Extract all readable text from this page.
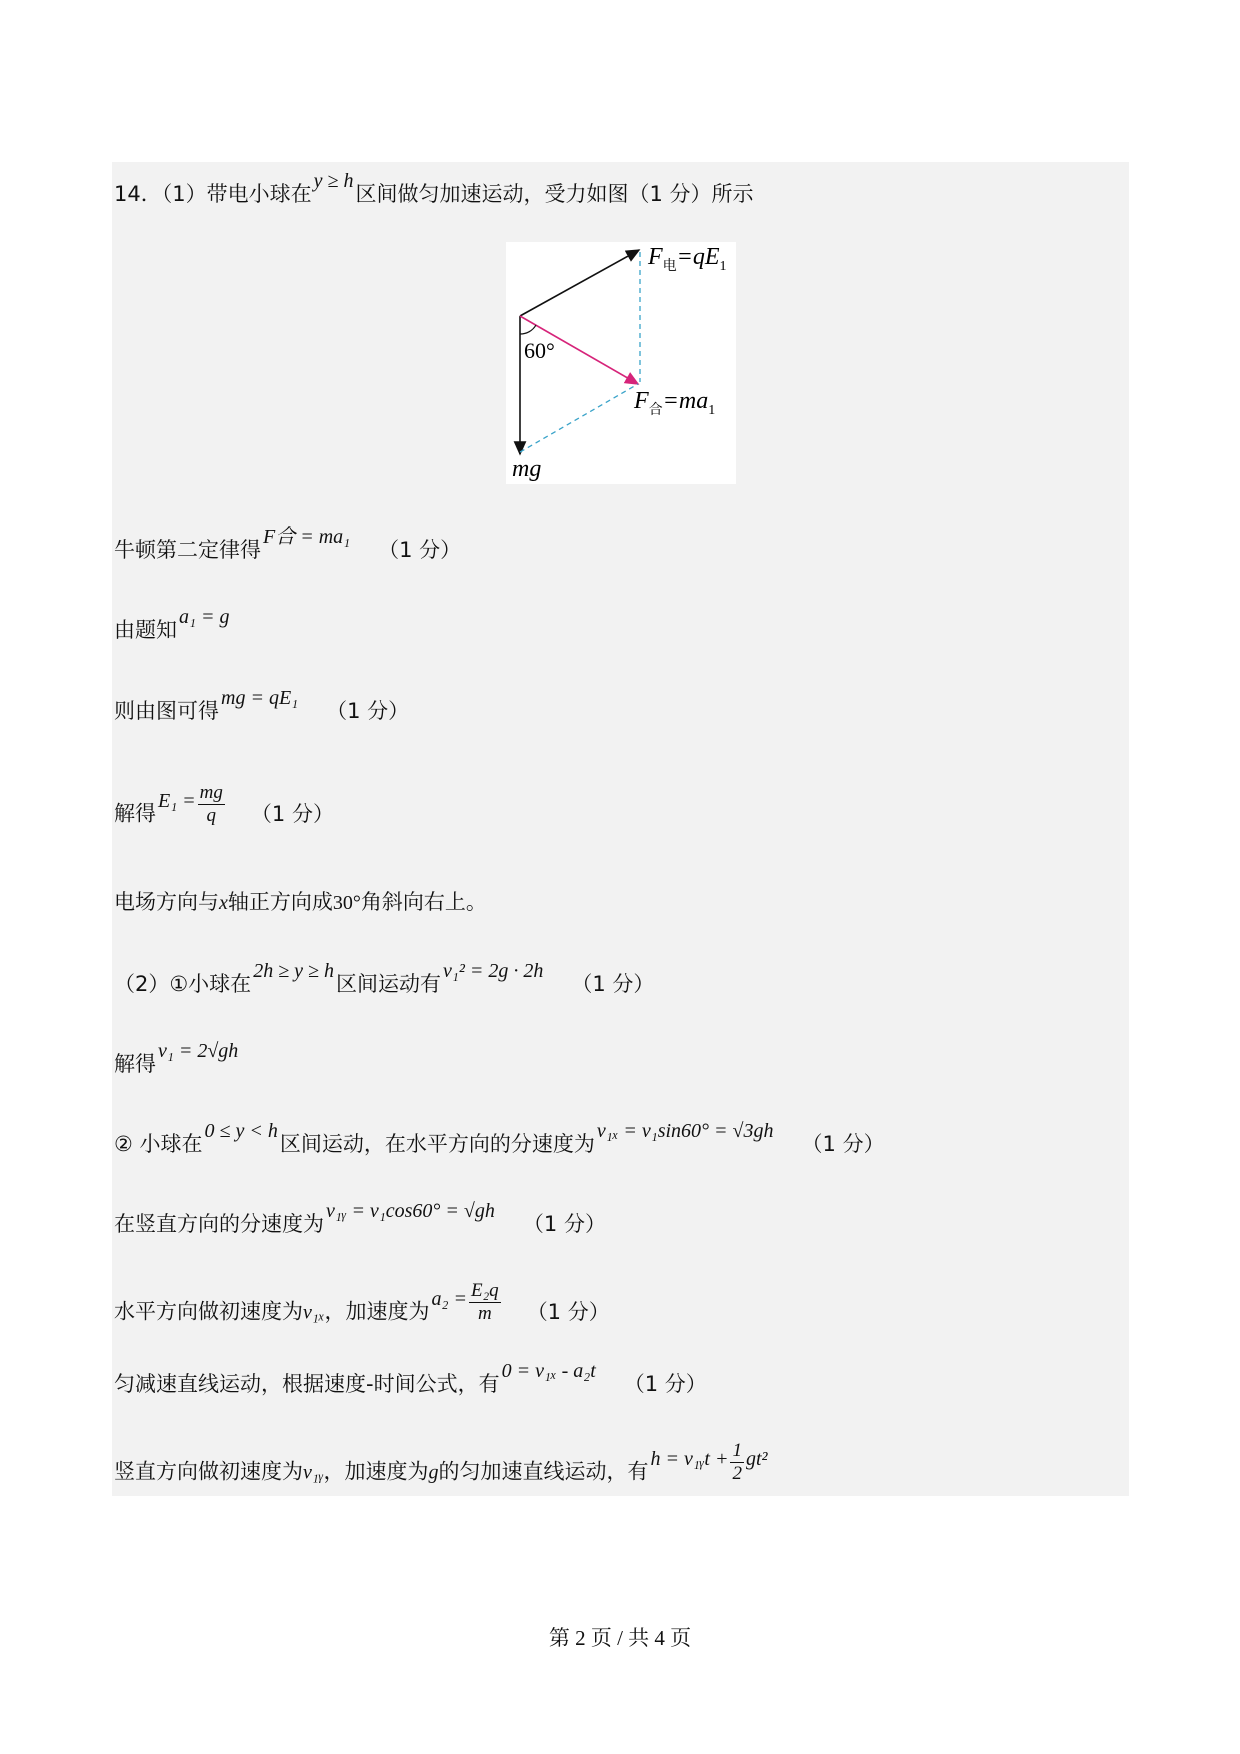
14．（1）带电小球在y ≥ h区间做匀加速运动，受力如图（1 分）所示
$F_电=qE_1$
60°
$F_合=ma_1$
mg
牛顿第二定律得F合 = ma₁（1 分）
由题知a₁ = g
则由图可得mg = qE₁（1 分）
解得$E_1 = \frac{mg}{q} (1$ 分）
电场方向与x轴正方向成30°角斜向右上。
（2）①小球在2h ≥ y ≥ h区间运动有v₁² = 2g · 2h（1 分）
解得v₁ = 2√gh
② 小球在0 ≤ y < h区间运动，在水平方向的分速度为v₁ₓ = v₁sin60° = √3gh（1 分）
在竖直方向的分速度为v₁ᵧ = v₁cos60° = √gh（1 分）
水平方向做初速度为v₁ₓ，加速度为$a_2 = \frac{\text{E₂q}}{m} (1$ 分）
匀减速直线运动，根据速度-时间公式，有0 = v₁ₓ - a₂t（1 分）
竖直方向做初速度为v₁ᵧ，加速度为g的匀加速直线运动，有h = v₁ᵧt + $\frac{1}{2} gt^2$
第 2 页 / 共 4 页
